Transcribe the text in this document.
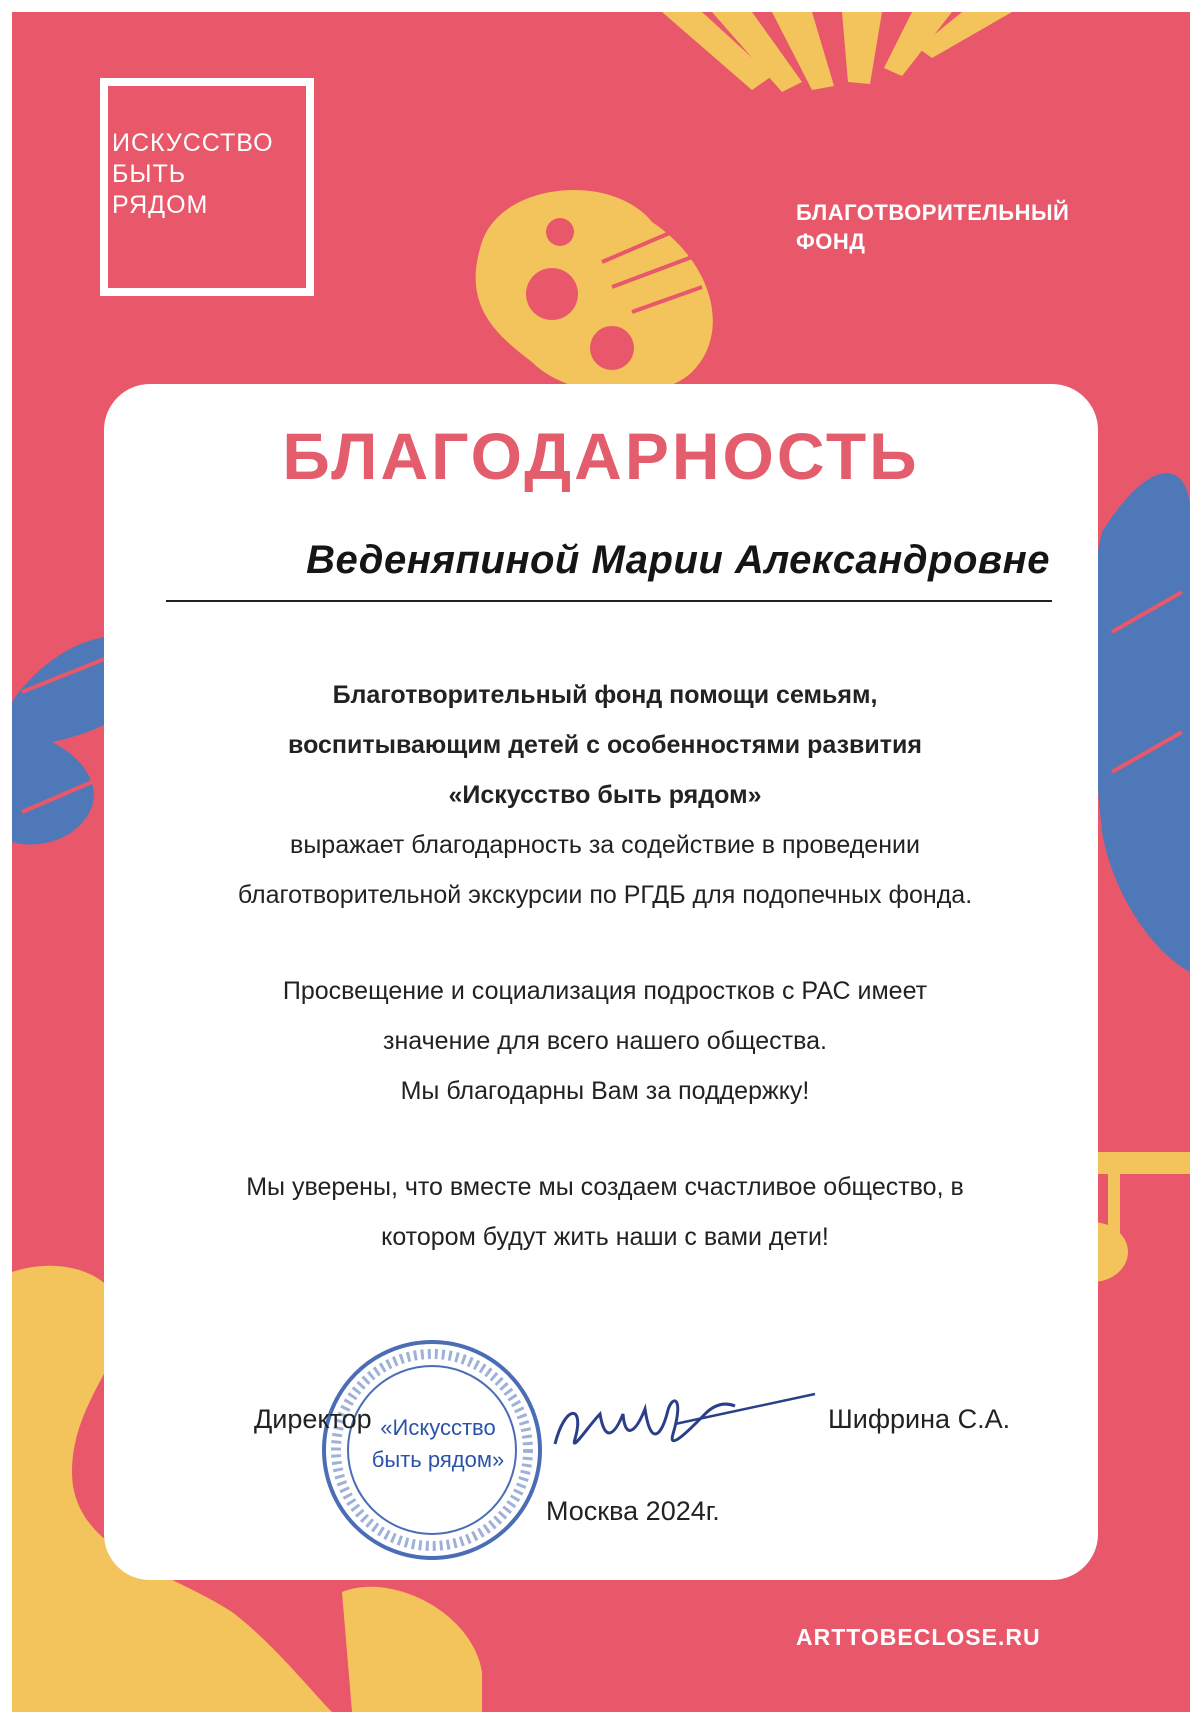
ИСКУССТВО
БЫТЬ
РЯДОМ	БЛАГОТВОРИТЕЛЬНЫЙ
ФОНД
БЛАГОДАРНОСТЬ
Веденяпиной Марии Александровне
Благотворительный фонд помощи семьям,
воспитывающим детей с особенностями развития
«Искусство быть рядом»
выражает благодарность за содействие в проведении
благотворительной экскурсии по РГДБ для подопечных фонда.
Просвещение и социализация подростков с РАС имеет
значение для всего нашего общества.
Мы благодарны Вам за поддержку!
Мы уверены, что вместе мы создаем счастливое общество, в
котором будут жить наши с вами дети!
«Искусство быть рядом»
Директор	Шифрина С.А.
Москва 2024г.
ARTTOBECLOSE.RU
